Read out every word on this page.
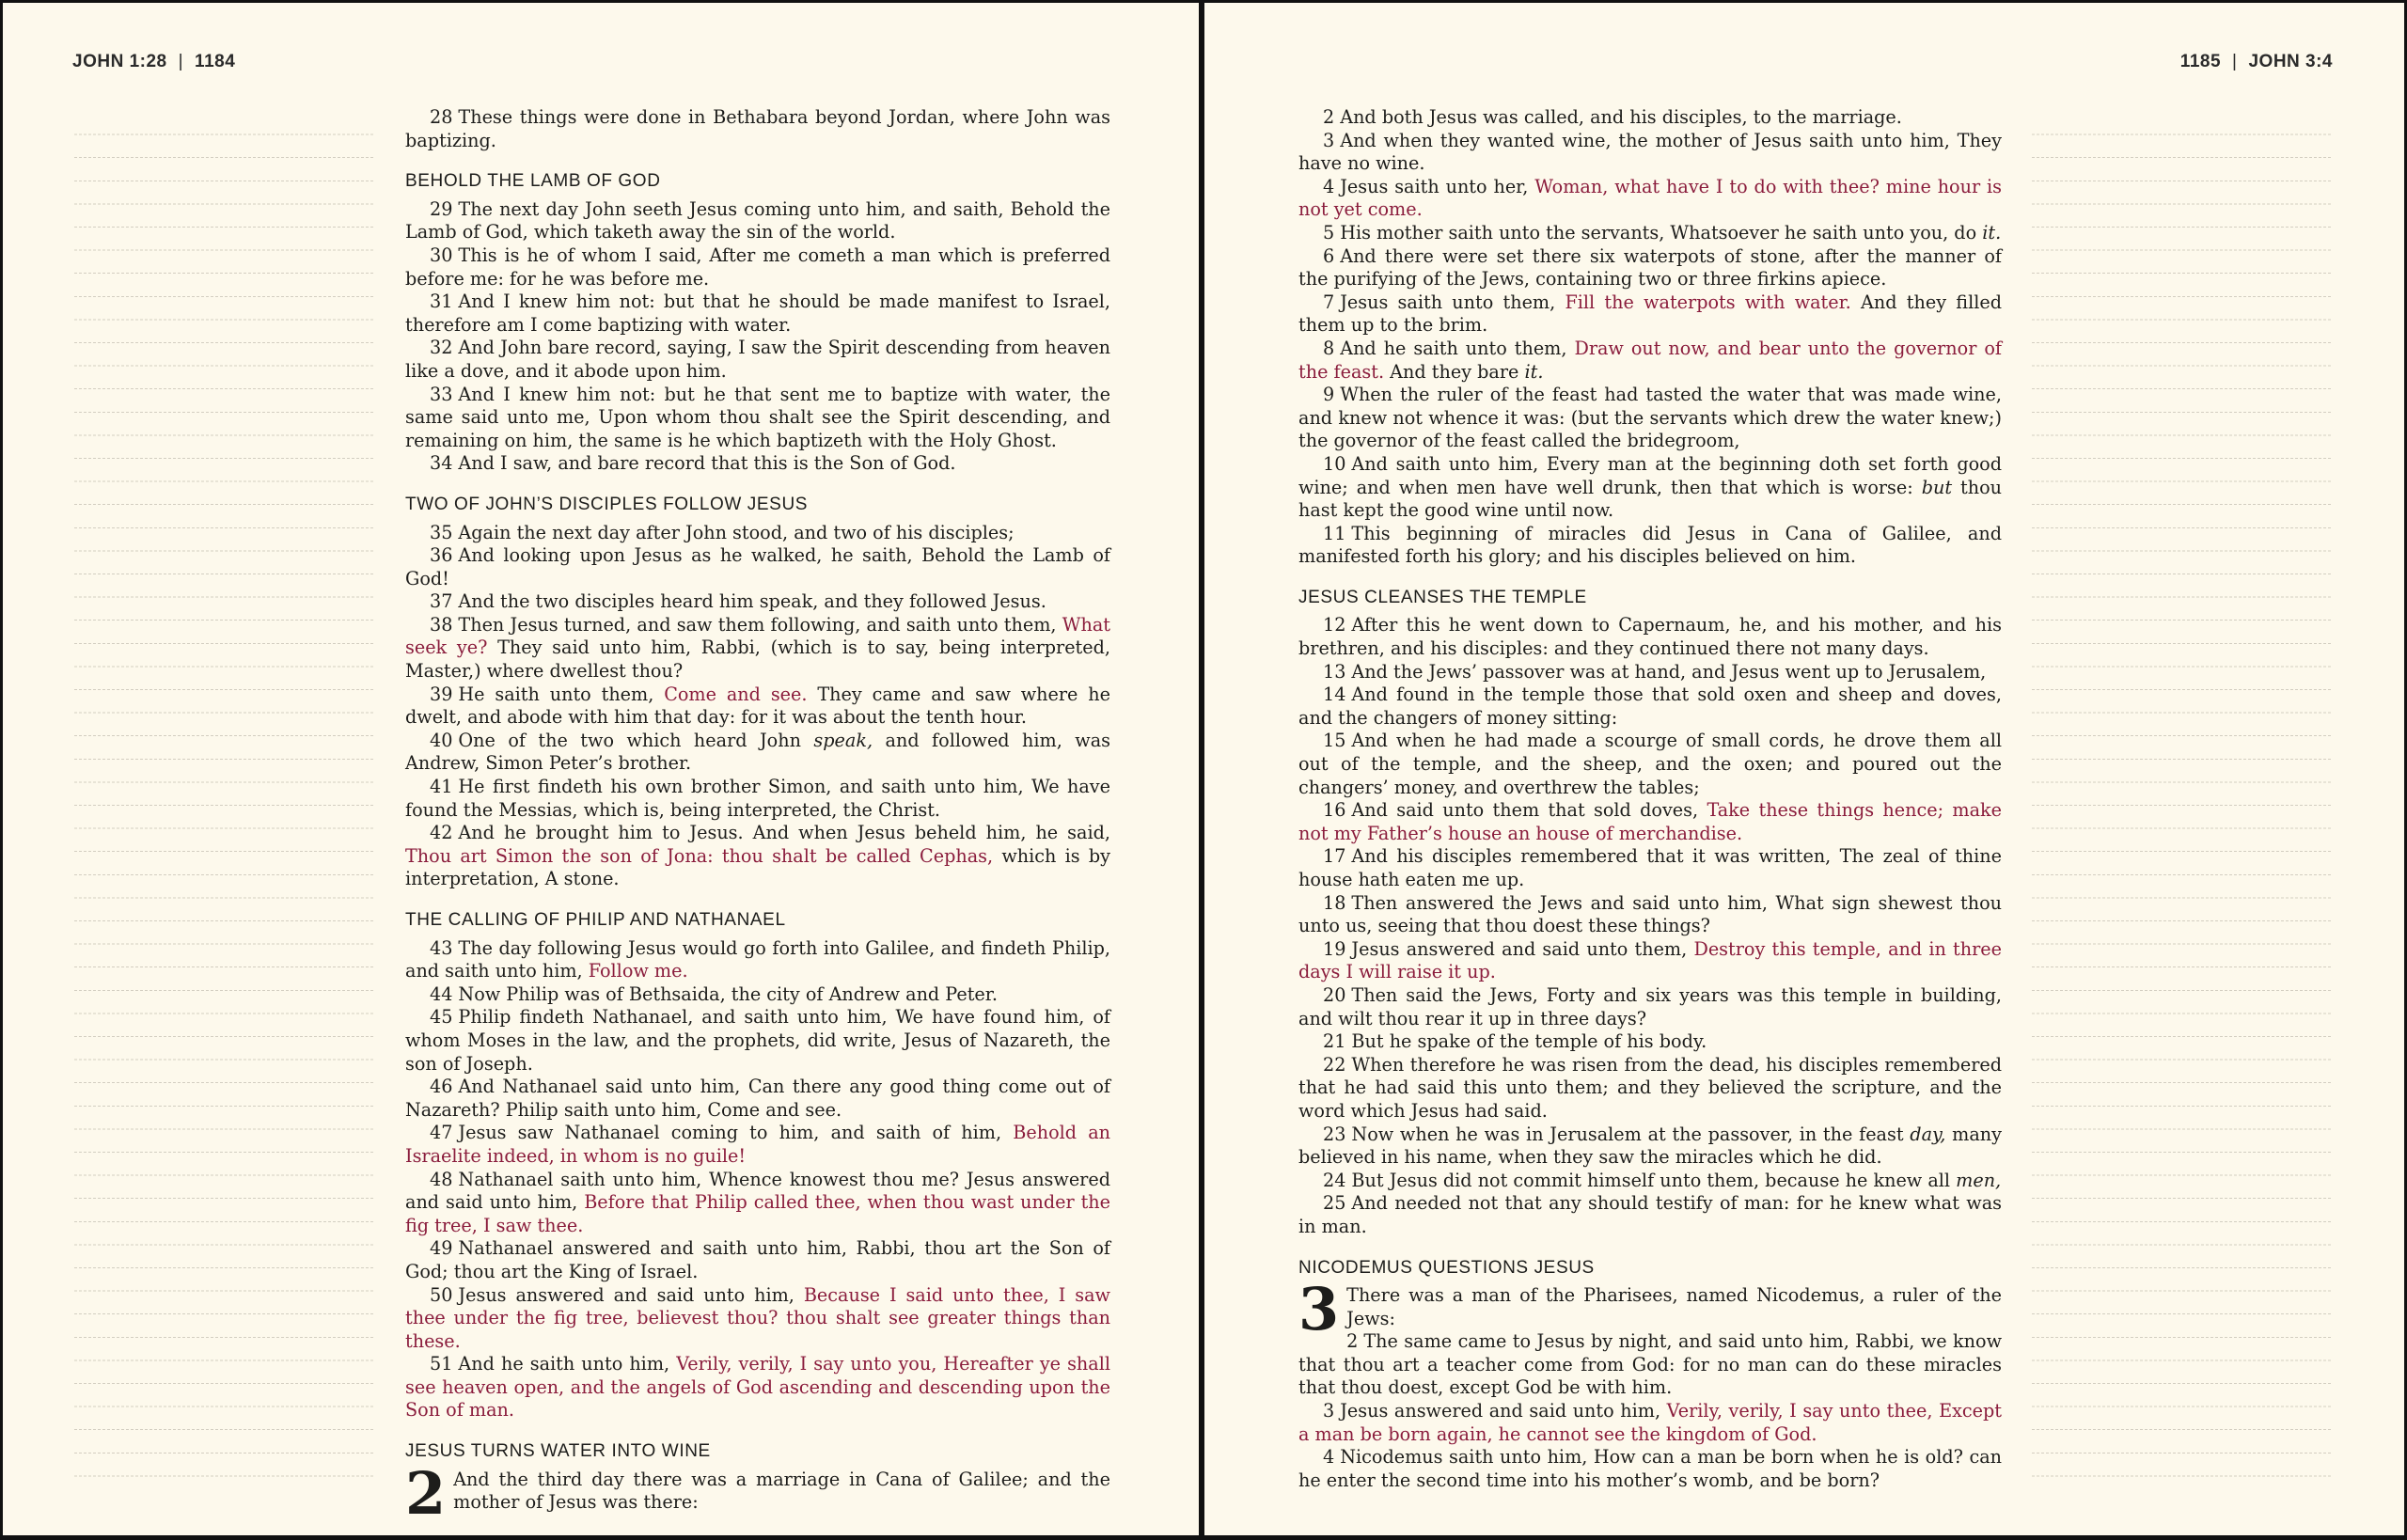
JOHN 1:28 | 1184

28 These things were done in Bethabara beyond Jordan, where John was baptizing.

BEHOLD THE LAMB OF GOD

29 The next day John seeth Jesus coming unto him, and saith, Behold the Lamb of God, which taketh away the sin of the world.

30 This is he of whom I said, After me cometh a man which is preferred before me: for he was before me.

31 And I knew him not: but that he should be made manifest to Israel, therefore am I come baptizing with water.

32 And John bare record, saying, I saw the Spirit descending from heaven like a dove, and it abode upon him.

33 And I knew him not: but he that sent me to baptize with water, the same said unto me, Upon whom thou shalt see the Spirit descending, and remaining on him, the same is he which baptizeth with the Holy Ghost.

34 And I saw, and bare record that this is the Son of God.

TWO OF JOHN’S DISCIPLES FOLLOW JESUS

35 Again the next day after John stood, and two of his disciples;

36 And looking upon Jesus as he walked, he saith, Behold the Lamb of God!

37 And the two disciples heard him speak, and they followed Jesus.

38 Then Jesus turned, and saw them following, and saith unto them, What seek ye? They said unto him, Rabbi, (which is to say, being interpreted, Master,) where dwellest thou?

39 He saith unto them, Come and see. They came and saw where he dwelt, and abode with him that day: for it was about the tenth hour.

40 One of the two which heard John speak, and followed him, was Andrew, Simon Peter’s brother.

41 He first findeth his own brother Simon, and saith unto him, We have found the Messias, which is, being interpreted, the Christ.

42 And he brought him to Jesus. And when Jesus beheld him, he said, Thou art Simon the son of Jona: thou shalt be called Cephas, which is by interpretation, A stone.

THE CALLING OF PHILIP AND NATHANAEL

43 The day following Jesus would go forth into Galilee, and findeth Philip, and saith unto him, Follow me.

44 Now Philip was of Bethsaida, the city of Andrew and Peter.

45 Philip findeth Nathanael, and saith unto him, We have found him, of whom Moses in the law, and the prophets, did write, Jesus of Nazareth, the son of Joseph.

46 And Nathanael said unto him, Can there any good thing come out of Nazareth? Philip saith unto him, Come and see.

47 Jesus saw Nathanael coming to him, and saith of him, Behold an Israelite indeed, in whom is no guile!

48 Nathanael saith unto him, Whence knowest thou me? Jesus answered and said unto him, Before that Philip called thee, when thou wast under the fig tree, I saw thee.

49 Nathanael answered and saith unto him, Rabbi, thou art the Son of God; thou art the King of Israel.

50 Jesus answered and said unto him, Because I said unto thee, I saw thee under the fig tree, believest thou? thou shalt see greater things than these.

51 And he saith unto him, Verily, verily, I say unto you, Hereafter ye shall see heaven open, and the angels of God ascending and descending upon the Son of man.

JESUS TURNS WATER INTO WINE

2 And the third day there was a marriage in Cana of Galilee; and the mother of Jesus was there:

1185 | JOHN 3:4

2 And both Jesus was called, and his disciples, to the marriage.

3 And when they wanted wine, the mother of Jesus saith unto him, They have no wine.

4 Jesus saith unto her, Woman, what have I to do with thee? mine hour is not yet come.

5 His mother saith unto the servants, Whatsoever he saith unto you, do it.

6 And there were set there six waterpots of stone, after the manner of the purifying of the Jews, containing two or three firkins apiece.

7 Jesus saith unto them, Fill the waterpots with water. And they filled them up to the brim.

8 And he saith unto them, Draw out now, and bear unto the governor of the feast. And they bare it.

9 When the ruler of the feast had tasted the water that was made wine, and knew not whence it was: (but the servants which drew the water knew;) the governor of the feast called the bridegroom,

10 And saith unto him, Every man at the beginning doth set forth good wine; and when men have well drunk, then that which is worse: but thou hast kept the good wine until now.

11 This beginning of miracles did Jesus in Cana of Galilee, and manifested forth his glory; and his disciples believed on him.

JESUS CLEANSES THE TEMPLE

12 After this he went down to Capernaum, he, and his mother, and his brethren, and his disciples: and they continued there not many days.

13 And the Jews’ passover was at hand, and Jesus went up to Jerusalem,

14 And found in the temple those that sold oxen and sheep and doves, and the changers of money sitting:

15 And when he had made a scourge of small cords, he drove them all out of the temple, and the sheep, and the oxen; and poured out the changers’ money, and overthrew the tables;

16 And said unto them that sold doves, Take these things hence; make not my Father’s house an house of merchandise.

17 And his disciples remembered that it was written, The zeal of thine house hath eaten me up.

18 Then answered the Jews and said unto him, What sign shewest thou unto us, seeing that thou doest these things?

19 Jesus answered and said unto them, Destroy this temple, and in three days I will raise it up.

20 Then said the Jews, Forty and six years was this temple in building, and wilt thou rear it up in three days?

21 But he spake of the temple of his body.

22 When therefore he was risen from the dead, his disciples remembered that he had said this unto them; and they believed the scripture, and the word which Jesus had said.

23 Now when he was in Jerusalem at the passover, in the feast day, many believed in his name, when they saw the miracles which he did.

24 But Jesus did not commit himself unto them, because he knew all men,

25 And needed not that any should testify of man: for he knew what was in man.

NICODEMUS QUESTIONS JESUS

3 There was a man of the Pharisees, named Nicodemus, a ruler of the Jews:
2 The same came to Jesus by night, and said unto him, Rabbi, we know that thou art a teacher come from God: for no man can do these miracles that thou doest, except God be with him.

3 Jesus answered and said unto him, Verily, verily, I say unto thee, Except a man be born again, he cannot see the kingdom of God.

4 Nicodemus saith unto him, How can a man be born when he is old? can he enter the second time into his mother’s womb, and be born?
